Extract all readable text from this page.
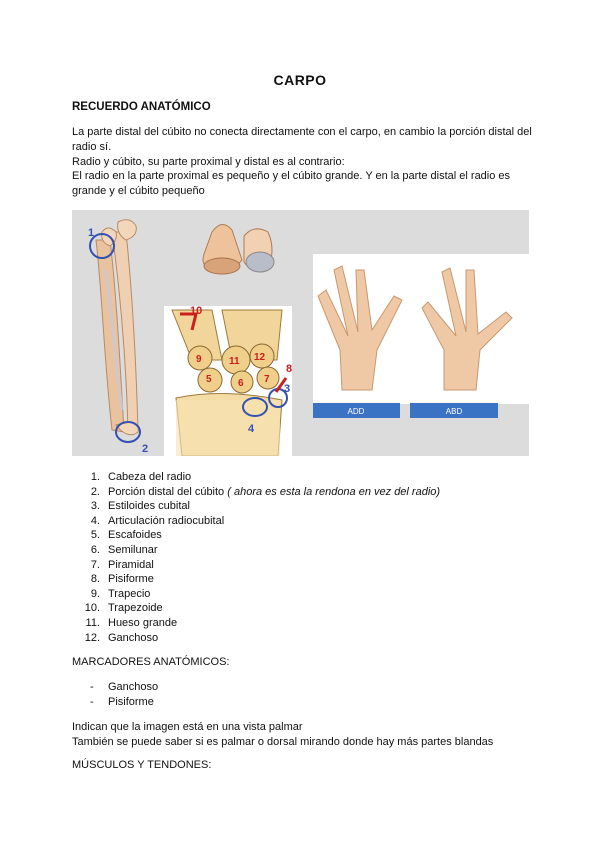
CARPO
RECUERDO ANATÓMICO
La parte distal del cúbito no conecta directamente con el carpo, en cambio la porción distal del radio sí.
Radio y cúbito, su parte proximal y distal es al contrario:
El radio en la parte proximal es pequeño y el cúbito grande. Y en la parte distal el radio es grande y el cúbito pequeño
1
2
3
4
5	6 7
8
9
10
11 12
ADD	ABD
1. Cabeza del radio
2. Porción distal del cúbito ( ahora es esta la rendona en vez del radio)
3. Estiloides cubital
4. Articulación radiocubital
5. Escafoides
6. Semilunar
7. Piramidal
8. Pisiforme
9. Trapecio
10. Trapezoide
11. Hueso grande
12. Ganchoso
MARCADORES ANATÓMICOS:
- Ganchoso
- Pisiforme
Indican que la imagen está en una vista palmar
También se puede saber si es palmar o dorsal mirando donde hay más partes blandas
MÚSCULOS Y TENDONES:
